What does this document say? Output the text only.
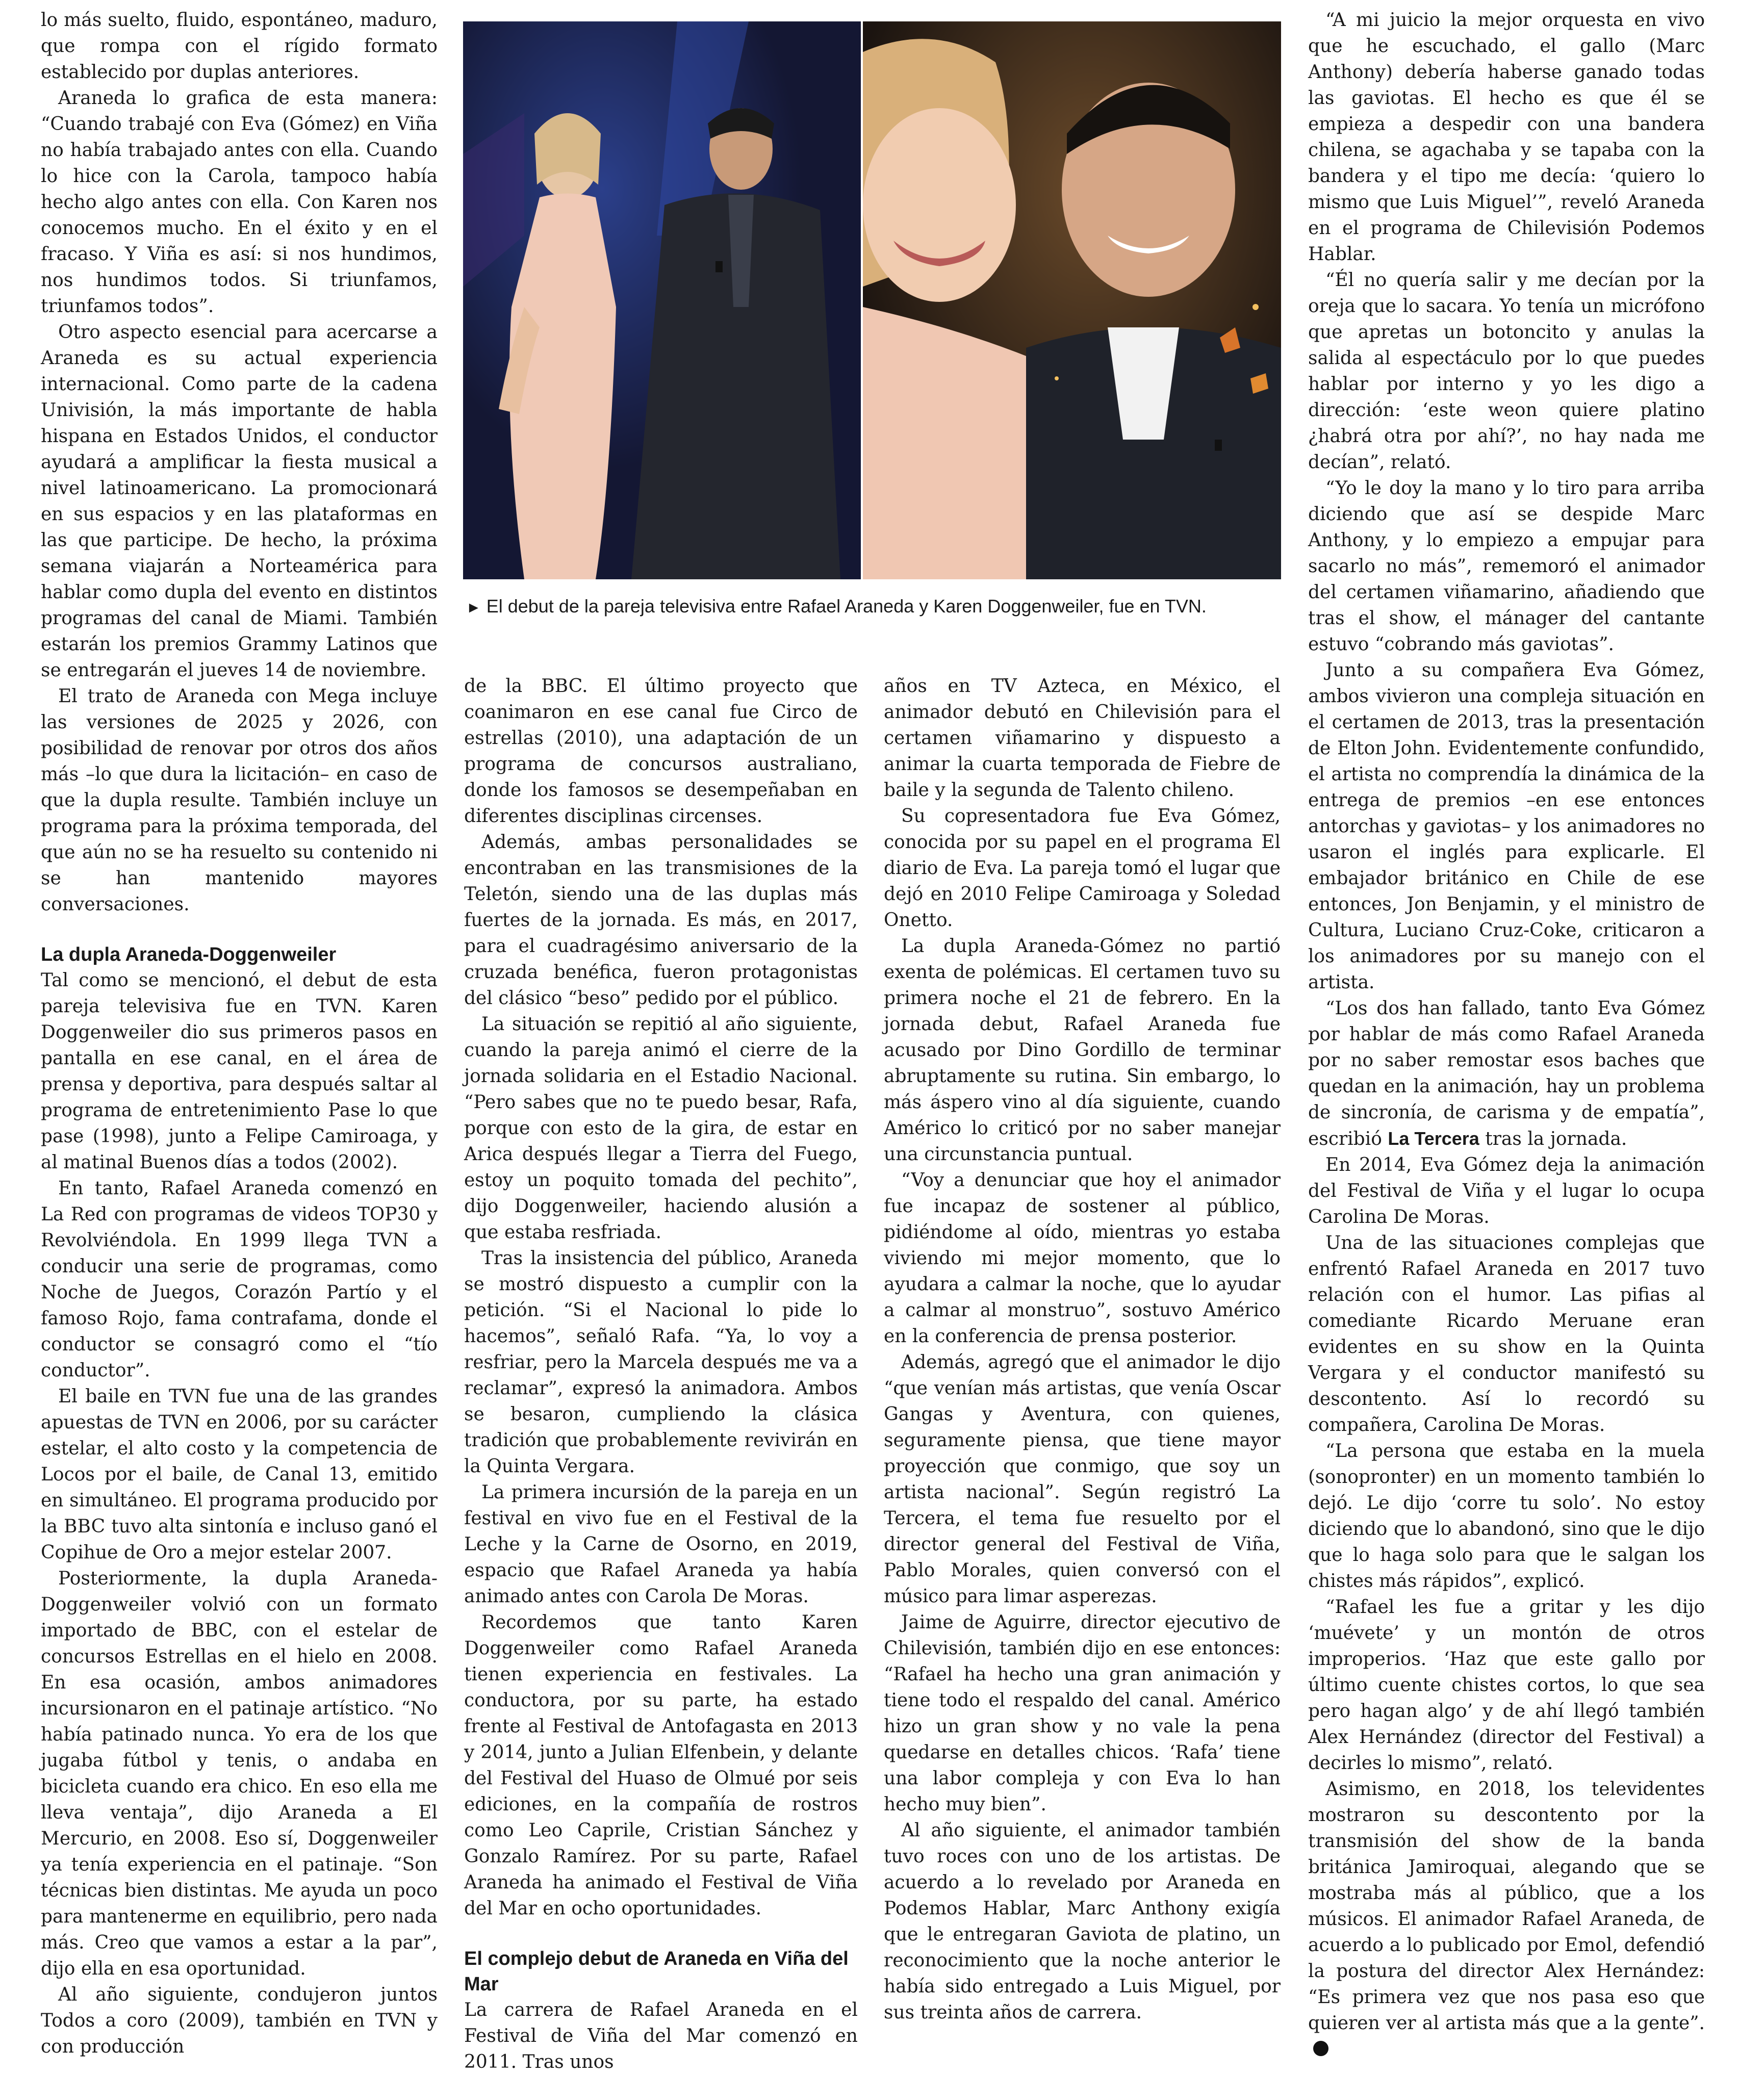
lo más suelto, fluido, espontáneo, maduro, que rompa con el rígido formato establecido por duplas anteriores.

Araneda lo grafica de esta manera: “Cuando trabajé con Eva (Gómez) en Viña no había trabajado antes con ella. Cuando lo hice con la Carola, tampoco había hecho algo antes con ella. Con Karen nos conocemos mucho. En el éxito y en el fracaso. Y Viña es así: si nos hundimos, nos hundimos todos. Si triunfamos, triunfamos todos”.

Otro aspecto esencial para acercarse a Araneda es su actual experiencia internacional. Como parte de la cadena Univisión, la más importante de habla hispana en Estados Unidos, el conductor ayudará a amplificar la fiesta musical a nivel latinoamericano. La promocionará en sus espacios y en las plataformas en las que participe. De hecho, la próxima semana viajarán a Norteamérica para hablar como dupla del evento en distintos programas del canal de Miami. También estarán los premios Grammy Latinos que se entregarán el jueves 14 de noviembre.

El trato de Araneda con Mega incluye las versiones de 2025 y 2026, con posibilidad de renovar por otros dos años más –lo que dura la licitación– en caso de que la dupla resulte. También incluye un programa para la próxima temporada, del que aún no se ha resuelto su contenido ni se han mantenido mayores conversaciones.

La dupla Araneda-Doggenweiler

Tal como se mencionó, el debut de esta pareja televisiva fue en TVN. Karen Doggenweiler dio sus primeros pasos en pantalla en ese canal, en el área de prensa y deportiva, para después saltar al programa de entretenimiento Pase lo que pase (1998), junto a Felipe Camiroaga, y al matinal Buenos días a todos (2002).

En tanto, Rafael Araneda comenzó en La Red con programas de videos TOP30 y Revolviéndola. En 1999 llega TVN a conducir una serie de programas, como Noche de Juegos, Corazón Partío y el famoso Rojo, fama contrafama, donde el conductor se consagró como el “tío conductor”.

El baile en TVN fue una de las grandes apuestas de TVN en 2006, por su carácter estelar, el alto costo y la competencia de Locos por el baile, de Canal 13, emitido en simultáneo. El programa producido por la BBC tuvo alta sintonía e incluso ganó el Copihue de Oro a mejor estelar 2007.

Posteriormente, la dupla Araneda-Doggenweiler volvió con un formato importado de BBC, con el estelar de concursos Estrellas en el hielo en 2008. En esa ocasión, ambos animadores incursionaron en el patinaje artístico. “No había patinado nunca. Yo era de los que jugaba fútbol y tenis, o andaba en bicicleta cuando era chico. En eso ella me lleva ventaja”, dijo Araneda a El Mercurio, en 2008. Eso sí, Doggenweiler ya tenía experiencia en el patinaje. “Son técnicas bien distintas. Me ayuda un poco para mantenerme en equilibrio, pero nada más. Creo que vamos a estar a la par”, dijo ella en esa oportunidad.

Al año siguiente, condujeron juntos Todos a coro (2009), también en TVN y con producción

► El debut de la pareja televisiva entre Rafael Araneda y Karen Doggenweiler, fue en TVN.

de la BBC. El último proyecto que coanimaron en ese canal fue Circo de estrellas (2010), una adaptación de un programa de concursos australiano, donde los famosos se desempeñaban en diferentes disciplinas circenses.

Además, ambas personalidades se encontraban en las transmisiones de la Teletón, siendo una de las duplas más fuertes de la jornada. Es más, en 2017, para el cuadragésimo aniversario de la cruzada benéfica, fueron protagonistas del clásico “beso” pedido por el público.

La situación se repitió al año siguiente, cuando la pareja animó el cierre de la jornada solidaria en el Estadio Nacional. “Pero sabes que no te puedo besar, Rafa, porque con esto de la gira, de estar en Arica después llegar a Tierra del Fuego, estoy un poquito tomada del pechito”, dijo Doggenweiler, haciendo alusión a que estaba resfriada.

Tras la insistencia del público, Araneda se mostró dispuesto a cumplir con la petición. “Si el Nacional lo pide lo hacemos”, señaló Rafa. “Ya, lo voy a resfriar, pero la Marcela después me va a reclamar”, expresó la animadora. Ambos se besaron, cumpliendo la clásica tradición que probablemente revivirán en la Quinta Vergara.

La primera incursión de la pareja en un festival en vivo fue en el Festival de la Leche y la Carne de Osorno, en 2019, espacio que Rafael Araneda ya había animado antes con Carola De Moras.

Recordemos que tanto Karen Doggenweiler como Rafael Araneda tienen experiencia en festivales. La conductora, por su parte, ha estado frente al Festival de Antofagasta en 2013 y 2014, junto a Julian Elfenbein, y delante del Festival del Huaso de Olmué por seis ediciones, en la compañía de rostros como Leo Caprile, Cristian Sánchez y Gonzalo Ramírez. Por su parte, Rafael Araneda ha animado el Festival de Viña del Mar en ocho oportunidades.

El complejo debut de Araneda en Viña del Mar

La carrera de Rafael Araneda en el Festival de Viña del Mar comenzó en 2011. Tras unos

años en TV Azteca, en México, el animador debutó en Chilevisión para el certamen viñamarino y dispuesto a animar la cuarta temporada de Fiebre de baile y la segunda de Talento chileno.

Su copresentadora fue Eva Gómez, conocida por su papel en el programa El diario de Eva. La pareja tomó el lugar que dejó en 2010 Felipe Camiroaga y Soledad Onetto.

La dupla Araneda-Gómez no partió exenta de polémicas. El certamen tuvo su primera noche el 21 de febrero. En la jornada debut, Rafael Araneda fue acusado por Dino Gordillo de terminar abruptamente su rutina. Sin embargo, lo más áspero vino al día siguiente, cuando Américo lo criticó por no saber manejar una circunstancia puntual.

“Voy a denunciar que hoy el animador fue incapaz de sostener al público, pidiéndome al oído, mientras yo estaba viviendo mi mejor momento, que lo ayudara a calmar la noche, que lo ayudar a calmar al monstruo”, sostuvo Américo en la conferencia de prensa posterior.

Además, agregó que el animador le dijo “que venían más artistas, que venía Oscar Gangas y Aventura, con quienes, seguramente piensa, que tiene mayor proyección que conmigo, que soy un artista nacional”. Según registró La Tercera, el tema fue resuelto por el director general del Festival de Viña, Pablo Morales, quien conversó con el músico para limar asperezas.

Jaime de Aguirre, director ejecutivo de Chilevisión, también dijo en ese entonces: “Rafael ha hecho una gran animación y tiene todo el respaldo del canal. Américo hizo un gran show y no vale la pena quedarse en detalles chicos. ‘Rafa’ tiene una labor compleja y con Eva lo han hecho muy bien”.

Al año siguiente, el animador también tuvo roces con uno de los artistas. De acuerdo a lo revelado por Araneda en Podemos Hablar, Marc Anthony exigía que le entregaran Gaviota de platino, un reconocimiento que la noche anterior le había sido entregado a Luis Miguel, por sus treinta años de carrera.

“A mi juicio la mejor orquesta en vivo que he escuchado, el gallo (Marc Anthony) debería haberse ganado todas las gaviotas. El hecho es que él se empieza a despedir con una bandera chilena, se agachaba y se tapaba con la bandera y el tipo me decía: ‘quiero lo mismo que Luis Miguel’”, reveló Araneda en el programa de Chilevisión Podemos Hablar.

“Él no quería salir y me decían por la oreja que lo sacara. Yo tenía un micrófono que apretas un botoncito y anulas la salida al espectáculo por lo que puedes hablar por interno y yo les digo a dirección: ‘este weon quiere platino ¿habrá otra por ahí?’, no hay nada me decían”, relató.

“Yo le doy la mano y lo tiro para arriba diciendo que así se despide Marc Anthony, y lo empiezo a empujar para sacarlo no más”, rememoró el animador del certamen viñamarino, añadiendo que tras el show, el mánager del cantante estuvo “cobrando más gaviotas”.

Junto a su compañera Eva Gómez, ambos vivieron una compleja situación en el certamen de 2013, tras la presentación de Elton John. Evidentemente confundido, el artista no comprendía la dinámica de la entrega de premios –en ese entonces antorchas y gaviotas– y los animadores no usaron el inglés para explicarle. El embajador británico en Chile de ese entonces, Jon Benjamin, y el ministro de Cultura, Luciano Cruz-Coke, criticaron a los animadores por su manejo con el artista.

“Los dos han fallado, tanto Eva Gómez por hablar de más como Rafael Araneda por no saber remostar esos baches que quedan en la animación, hay un problema de sincronía, de carisma y de empatía”, escribió La Tercera tras la jornada.

En 2014, Eva Gómez deja la animación del Festival de Viña y el lugar lo ocupa Carolina De Moras.

Una de las situaciones complejas que enfrentó Rafael Araneda en 2017 tuvo relación con el humor. Las pifias al comediante Ricardo Meruane eran evidentes en su show en la Quinta Vergara y el conductor manifestó su descontento. Así lo recordó su compañera, Carolina De Moras.

“La persona que estaba en la muela (sonopronter) en un momento también lo dejó. Le dijo ‘corre tu solo’. No estoy diciendo que lo abandonó, sino que le dijo que lo haga solo para que le salgan los chistes más rápidos”, explicó.

“Rafael les fue a gritar y les dijo ‘muévete’ y un montón de otros improperios. ‘Haz que este gallo por último cuente chistes cortos, lo que sea pero hagan algo’ y de ahí llegó también Alex Hernández (director del Festival) a decirles lo mismo”, relató.

Asimismo, en 2018, los televidentes mostraron su descontento por la transmisión del show de la banda británica Jamiroquai, alegando que se mostraba más al público, que a los músicos. El animador Rafael Araneda, de acuerdo a lo publicado por Emol, defendió la postura del director Alex Hernández: “Es primera vez que nos pasa eso que quieren ver al artista más que a la gente”.
